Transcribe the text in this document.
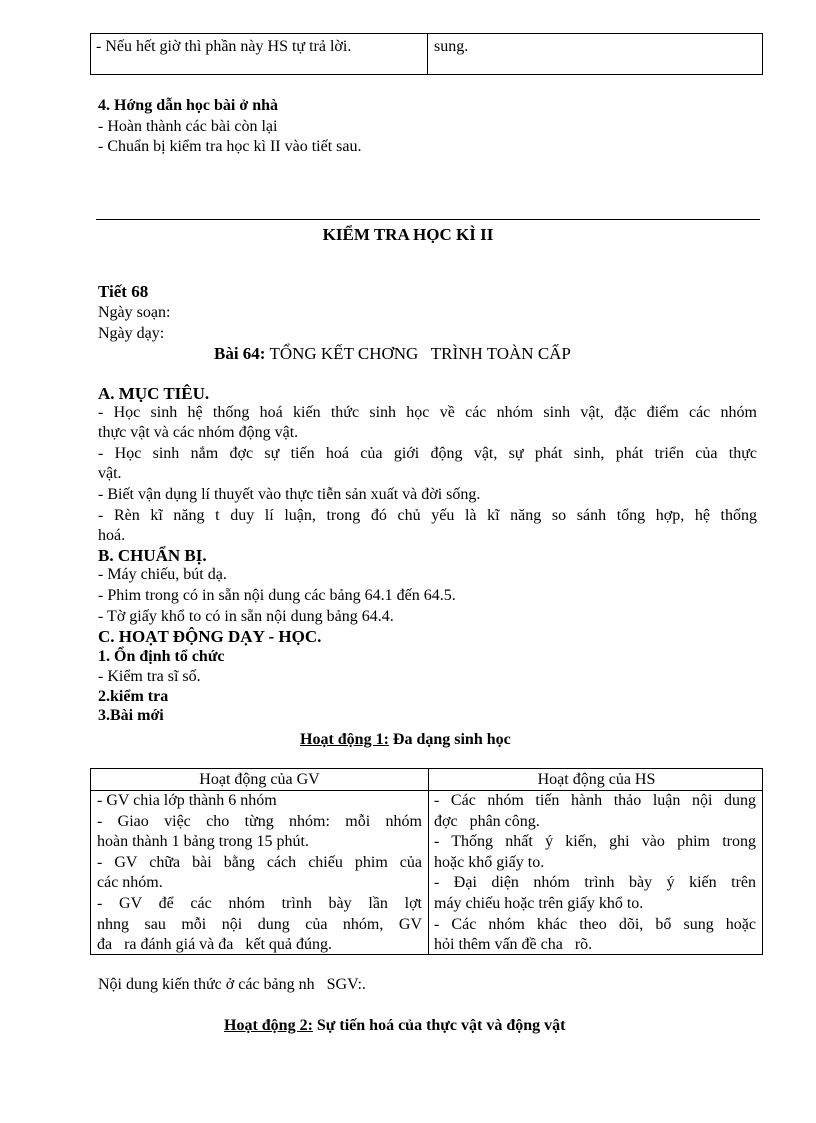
- Nếu hết giờ thì phần này HS tự trả lời.	sung.
4. Hớng dẫn học bài ở nhà
- Hoàn thành các bài còn lại
- Chuẩn bị kiểm tra học kì II vào tiết sau.
KIỂM TRA HỌC KÌ II
Tiết 68
Ngày soạn:
Ngày dạy:
Bài 64: TỔNG KẾT CHƠNG   TRÌNH TOÀN CẤP
A. MỤC TIÊU.
- Học sinh hệ thống hoá kiến thức sinh học về các nhóm sinh vật, đặc điểm các nhóm
thực vật và các nhóm động vật.
- Học sinh nắm đợc sự tiến hoá của giới động vật, sự phát sinh, phát triển của thực
vật.
- Biết vận dụng lí thuyết vào thực tiễn sản xuất và đời sống.
- Rèn kĩ năng t duy lí luận, trong đó chủ yếu là kĩ năng so sánh tổng hợp, hệ thống
hoá.
B. CHUẨN BỊ.
- Máy chiếu, bút dạ.
- Phim trong có in sẵn nội dung các bảng 64.1 đến 64.5.
- Tờ giấy khổ to có in sẵn nội dung bảng 64.4.
C. HOẠT ĐỘNG DẠY - HỌC.
1. Ổn định tổ chức
- Kiểm tra sĩ số.
2.kiểm tra
3.Bài mới
Hoạt động 1: Đa dạng sinh học
Hoạt động của GV	Hoạt động của HS
- GV chia lớp thành 6 nhóm
- Giao việc cho từng nhóm: mỗi nhóm
hoàn thành 1 bảng trong 15 phút.
- GV chữa bài bằng cách chiếu phim của
các nhóm.
- GV để các nhóm trình bày lần lợt
nhng sau mỗi nội dung của nhóm, GV
đa   ra đánh giá và đa   kết quả đúng.
- Các nhóm tiến hành thảo luận nội dung
đợc   phân công.
- Thống nhất ý kiến, ghi vào phim trong
hoặc khổ giấy to.
- Đại diện nhóm trình bày ý kiến trên
máy chiếu hoặc trên giấy khổ to.
- Các nhóm khác theo dõi, bổ sung hoặc
hỏi thêm vấn đề cha   rõ.
Nội dung kiến thức ở các bảng nh   SGV:.
Hoạt động 2: Sự tiến hoá của thực vật và động vật
